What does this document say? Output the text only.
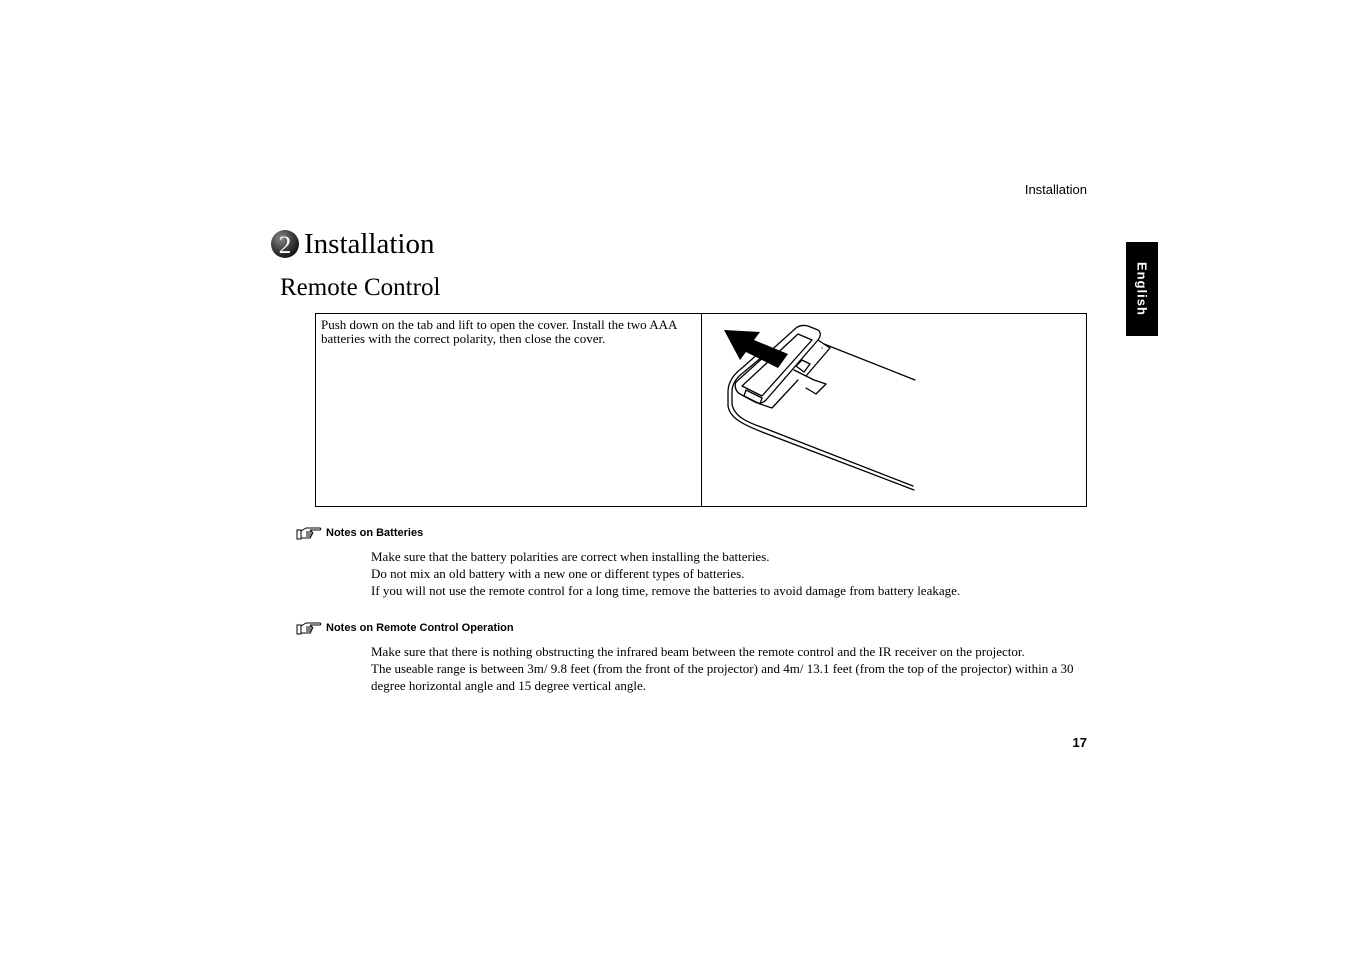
Installation
English
2 Installation
Remote Control
Push down on the tab and lift to open the cover. Install the two AAA batteries with the correct polarity, then close the cover.
Notes on Batteries
Make sure that the battery polarities are correct when installing the batteries.
Do not mix an old battery with a new one or different types of batteries.
If you will not use the remote control for a long time, remove the batteries to avoid damage from battery leakage.
Notes on Remote Control Operation
Make sure that there is nothing obstructing the infrared beam between the remote control and the IR receiver on the projector.
The useable range is between 3m/ 9.8 feet (from the front of the projector) and 4m/ 13.1 feet (from the top of the projector) within a 30 degree horizontal angle and 15 degree vertical angle.
17
